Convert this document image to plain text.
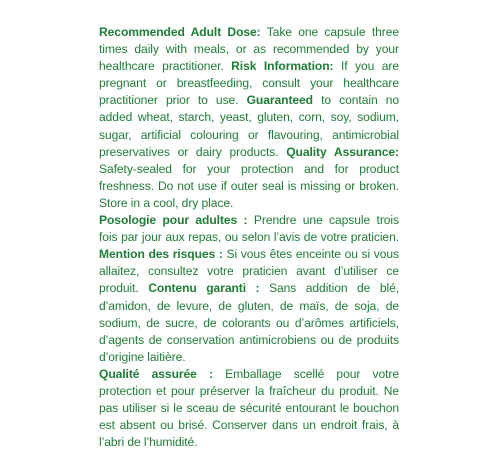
Recommended Adult Dose: Take one capsule three times daily with meals, or as recommended by your healthcare practitioner. Risk Information: If you are pregnant or breastfeeding, consult your healthcare practitioner prior to use. Guaranteed to contain no added wheat, starch, yeast, gluten, corn, soy, sodium, sugar, artificial colouring or flavouring, antimicrobial preservatives or dairy products. Quality Assurance: Safety-sealed for your protection and for product freshness. Do not use if outer seal is missing or broken. Store in a cool, dry place.

Posologie pour adultes : Prendre une capsule trois fois par jour aux repas, ou selon l’avis de votre praticien. Mention des risques : Si vous êtes enceinte ou si vous allaitez, consultez votre praticien avant d’utiliser ce produit. Contenu garanti : Sans addition de blé, d’amidon, de levure, de gluten, de maïs, de soja, de sodium, de sucre, de colorants ou d’arômes artificiels, d’agents de conservation antimicrobiens ou de produits d’origine laitière.

Qualité assurée : Emballage scellé pour votre protection et pour préserver la fraîcheur du produit. Ne pas utiliser si le sceau de sécurité entourant le bouchon est absent ou brisé. Conserver dans un endroit frais, à l’abri de l’humidité.
